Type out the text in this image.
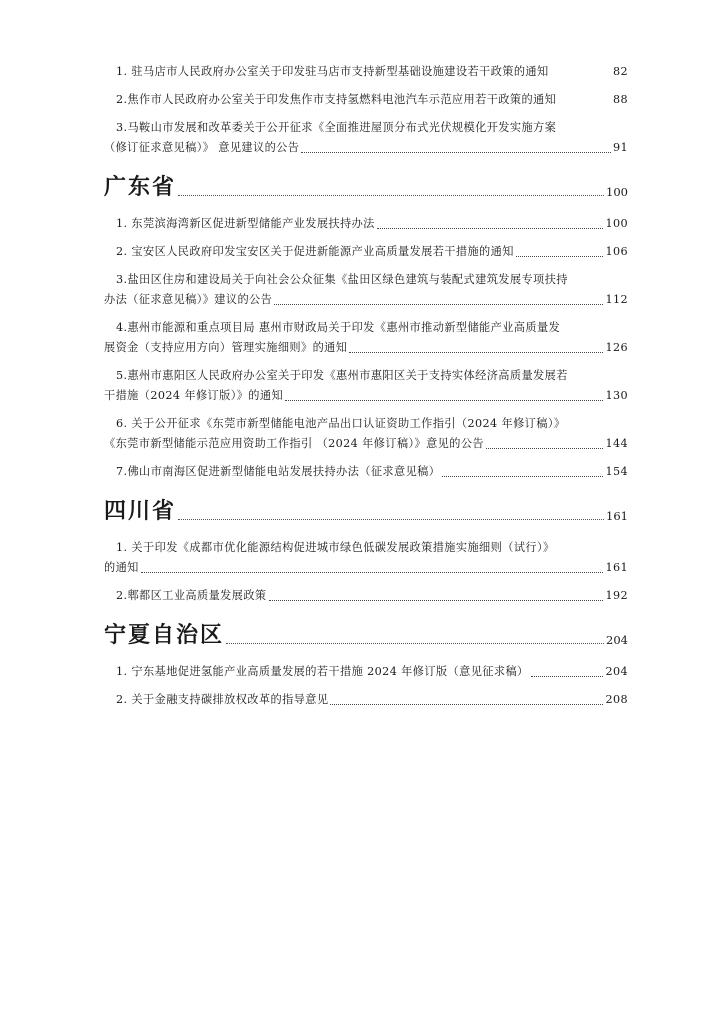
1. 驻马店市人民政府办公室关于印发驻马店市支持新型基础设施建设若干政策的通知	82
2.焦作市人民政府办公室关于印发焦作市支持氢燃料电池汽车示范应用若干政策的通知	88
3.马鞍山市发展和改革委关于公开征求《全面推进屋顶分布式光伏规模化开发实施方案
（修订征求意见稿）》 意见建议的公告	91
广东省	100
1. 东莞滨海湾新区促进新型储能产业发展扶持办法	100
2. 宝安区人民政府印发宝安区关于促进新能源产业高质量发展若干措施的通知	106
3.盐田区住房和建设局关于向社会公众征集《盐田区绿色建筑与装配式建筑发展专项扶持
办法（征求意见稿）》建议的公告	112
4.惠州市能源和重点项目局 惠州市财政局关于印发《惠州市推动新型储能产业高质量发
展资金（支持应用方向）管理实施细则》的通知	126
5.惠州市惠阳区人民政府办公室关于印发《惠州市惠阳区关于支持实体经济高质量发展若
干措施（2024 年修订版）》的通知	130
6. 关于公开征求《东莞市新型储能电池产品出口认证资助工作指引（2024 年修订稿）》
《东莞市新型储能示范应用资助工作指引 （2024 年修订稿）》意见的公告	144
7.佛山市南海区促进新型储能电站发展扶持办法（征求意见稿）	154
四川省	161
1. 关于印发《成都市优化能源结构促进城市绿色低碳发展政策措施实施细则（试行）》
的通知	161
2.郫都区工业高质量发展政策	192
宁夏自治区	204
1. 宁东基地促进氢能产业高质量发展的若干措施 2024 年修订版（意见征求稿）	204
2. 关于金融支持碳排放权改革的指导意见	208
